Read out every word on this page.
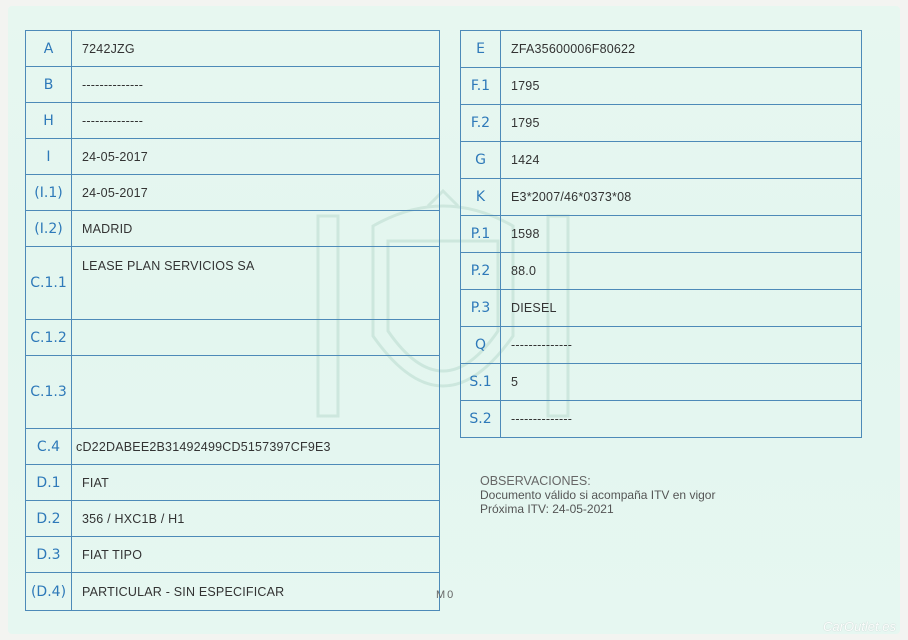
A	7242JZG
B	--------------
H	--------------
I	24-05-2017
(I.1)	24-05-2017
(I.2)	MADRID
C.1.1	LEASE PLAN SERVICIOS SA
C.1.2	
C.1.3	
C.4	cD22DABEE2B31492499CD5157397CF9E3
D.1	FIAT
D.2	356 / HXC1B / H1
D.3	FIAT TIPO
(D.4)	PARTICULAR - SIN ESPECIFICAR	M0
E	ZFA35600006F80622
F.1	1795
F.2	1795
G	1424
K	E3*2007/46*0373*08
P.1	1598
P.2	88.0
P.3	DIESEL
Q	--------------
S.1	5
S.2	--------------
OBSERVACIONES:
Documento válido si acompaña ITV en vigor
Próxima ITV: 24-05-2021
CarOutlet.es
